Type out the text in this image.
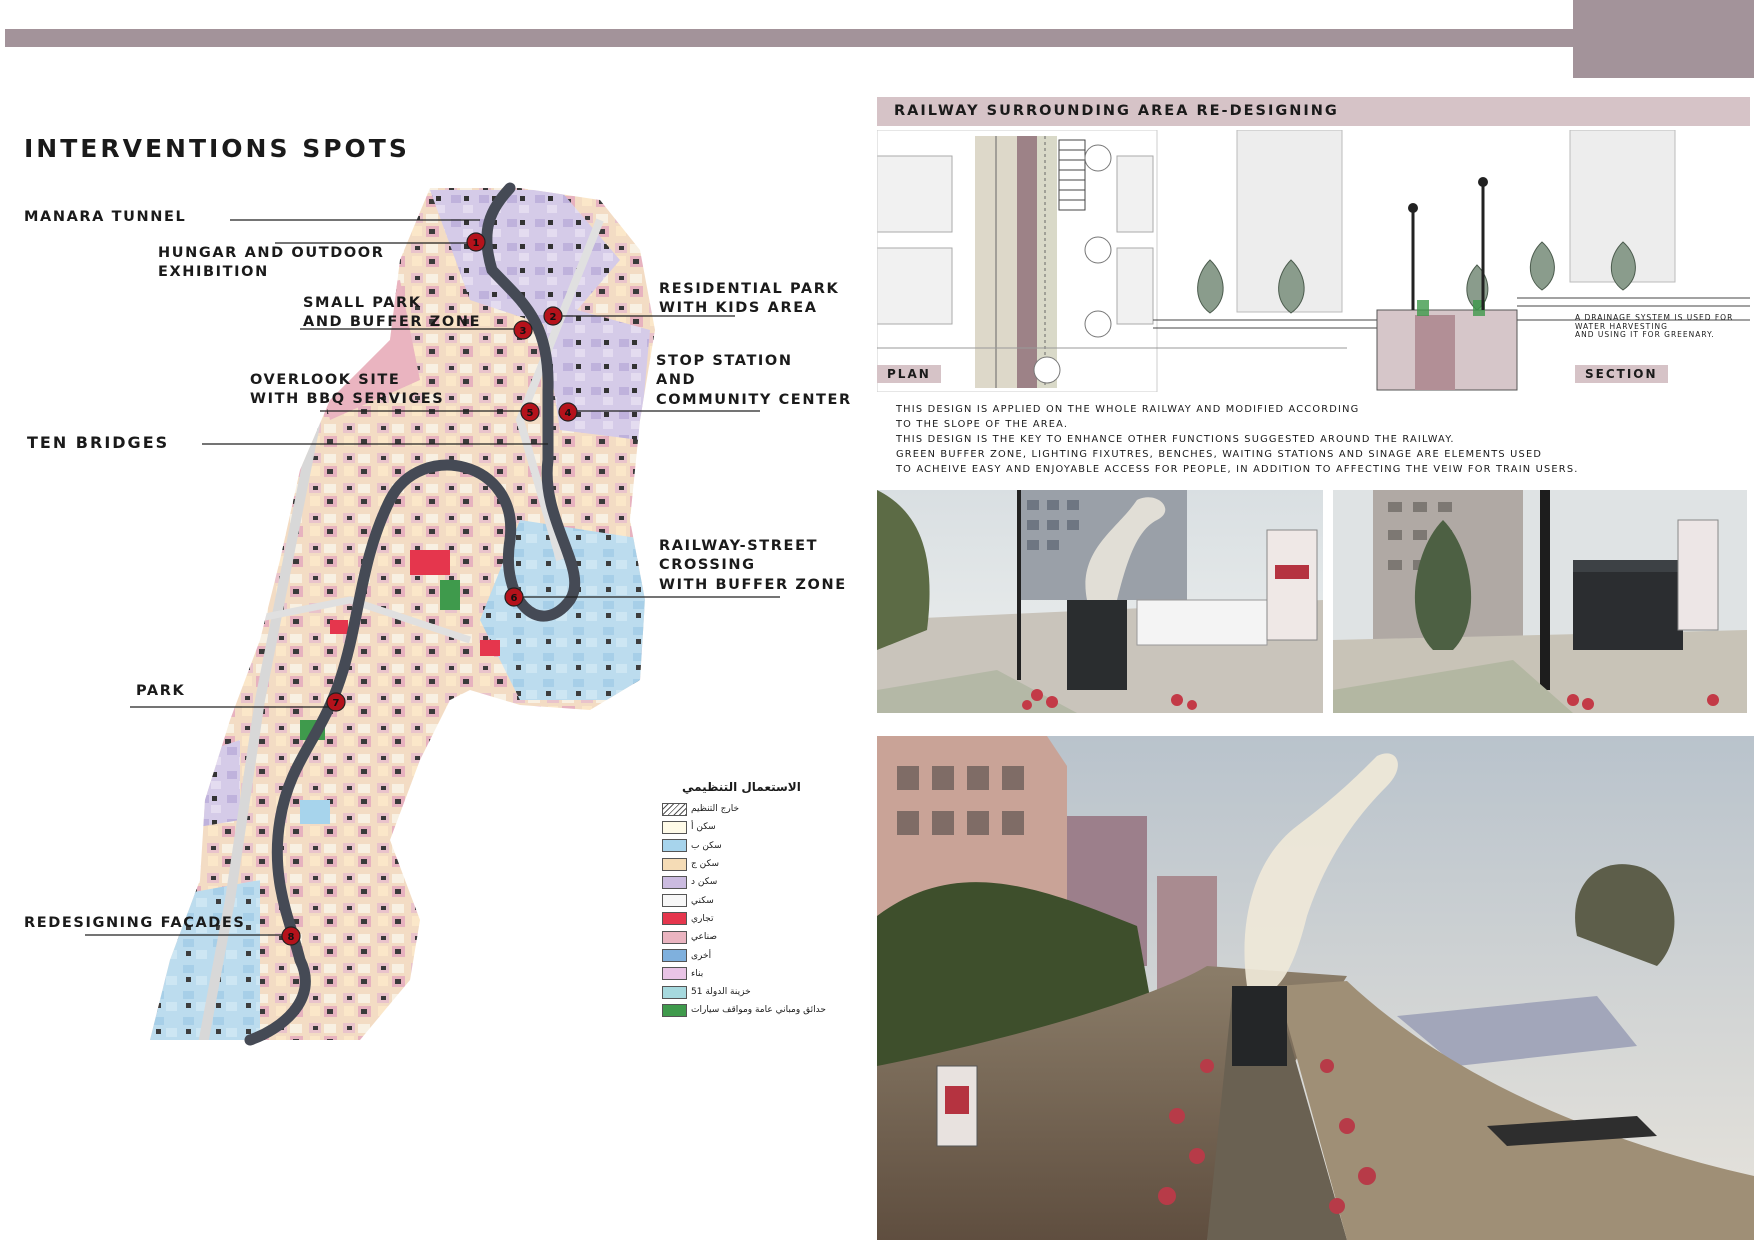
INTERVENTIONS SPOTS
1
2
3
4
5
6
7
8
MANARA TUNNEL
HUNGAR AND OUTDOOR
EXHIBITION
SMALL PARK
AND BUFFER ZONE
RESIDENTIAL PARK
WITH KIDS AREA
STOP STATION
AND
COMMUNITY CENTER
OVERLOOK SITE
WITH BBQ SERVICES
TEN BRIDGES
RAILWAY-STREET
CROSSING
WITH BUFFER ZONE
PARK
REDESIGNING FACADES
الاستعمال التنظيمي
خارج التنظيم
سكن أ
سكن ب
سكن ج
سكن د
سكني
تجاري
صناعي
أخرى
بناء
خزينة الدولة 51
حدائق ومباني عامة ومواقف سيارات
RAILWAY SURROUNDING AREA RE-DESIGNING
PLAN	SECTION

A DRAINAGE SYSTEM IS USED FOR

WATER HARVESTING

AND USING IT FOR GREENARY.

THIS DESIGN IS APPLIED ON THE WHOLE RAILWAY AND MODIFIED ACCORDING

TO THE SLOPE OF THE AREA.

THIS DESIGN IS THE KEY TO ENHANCE OTHER FUNCTIONS SUGGESTED AROUND THE RAILWAY.

GREEN BUFFER ZONE, LIGHTING FIXUTRES, BENCHES, WAITING STATIONS AND SINAGE ARE ELEMENTS USED

TO ACHEIVE EASY AND ENJOYABLE ACCESS FOR PEOPLE, IN ADDITION TO AFFECTING THE VEIW FOR TRAIN USERS.
